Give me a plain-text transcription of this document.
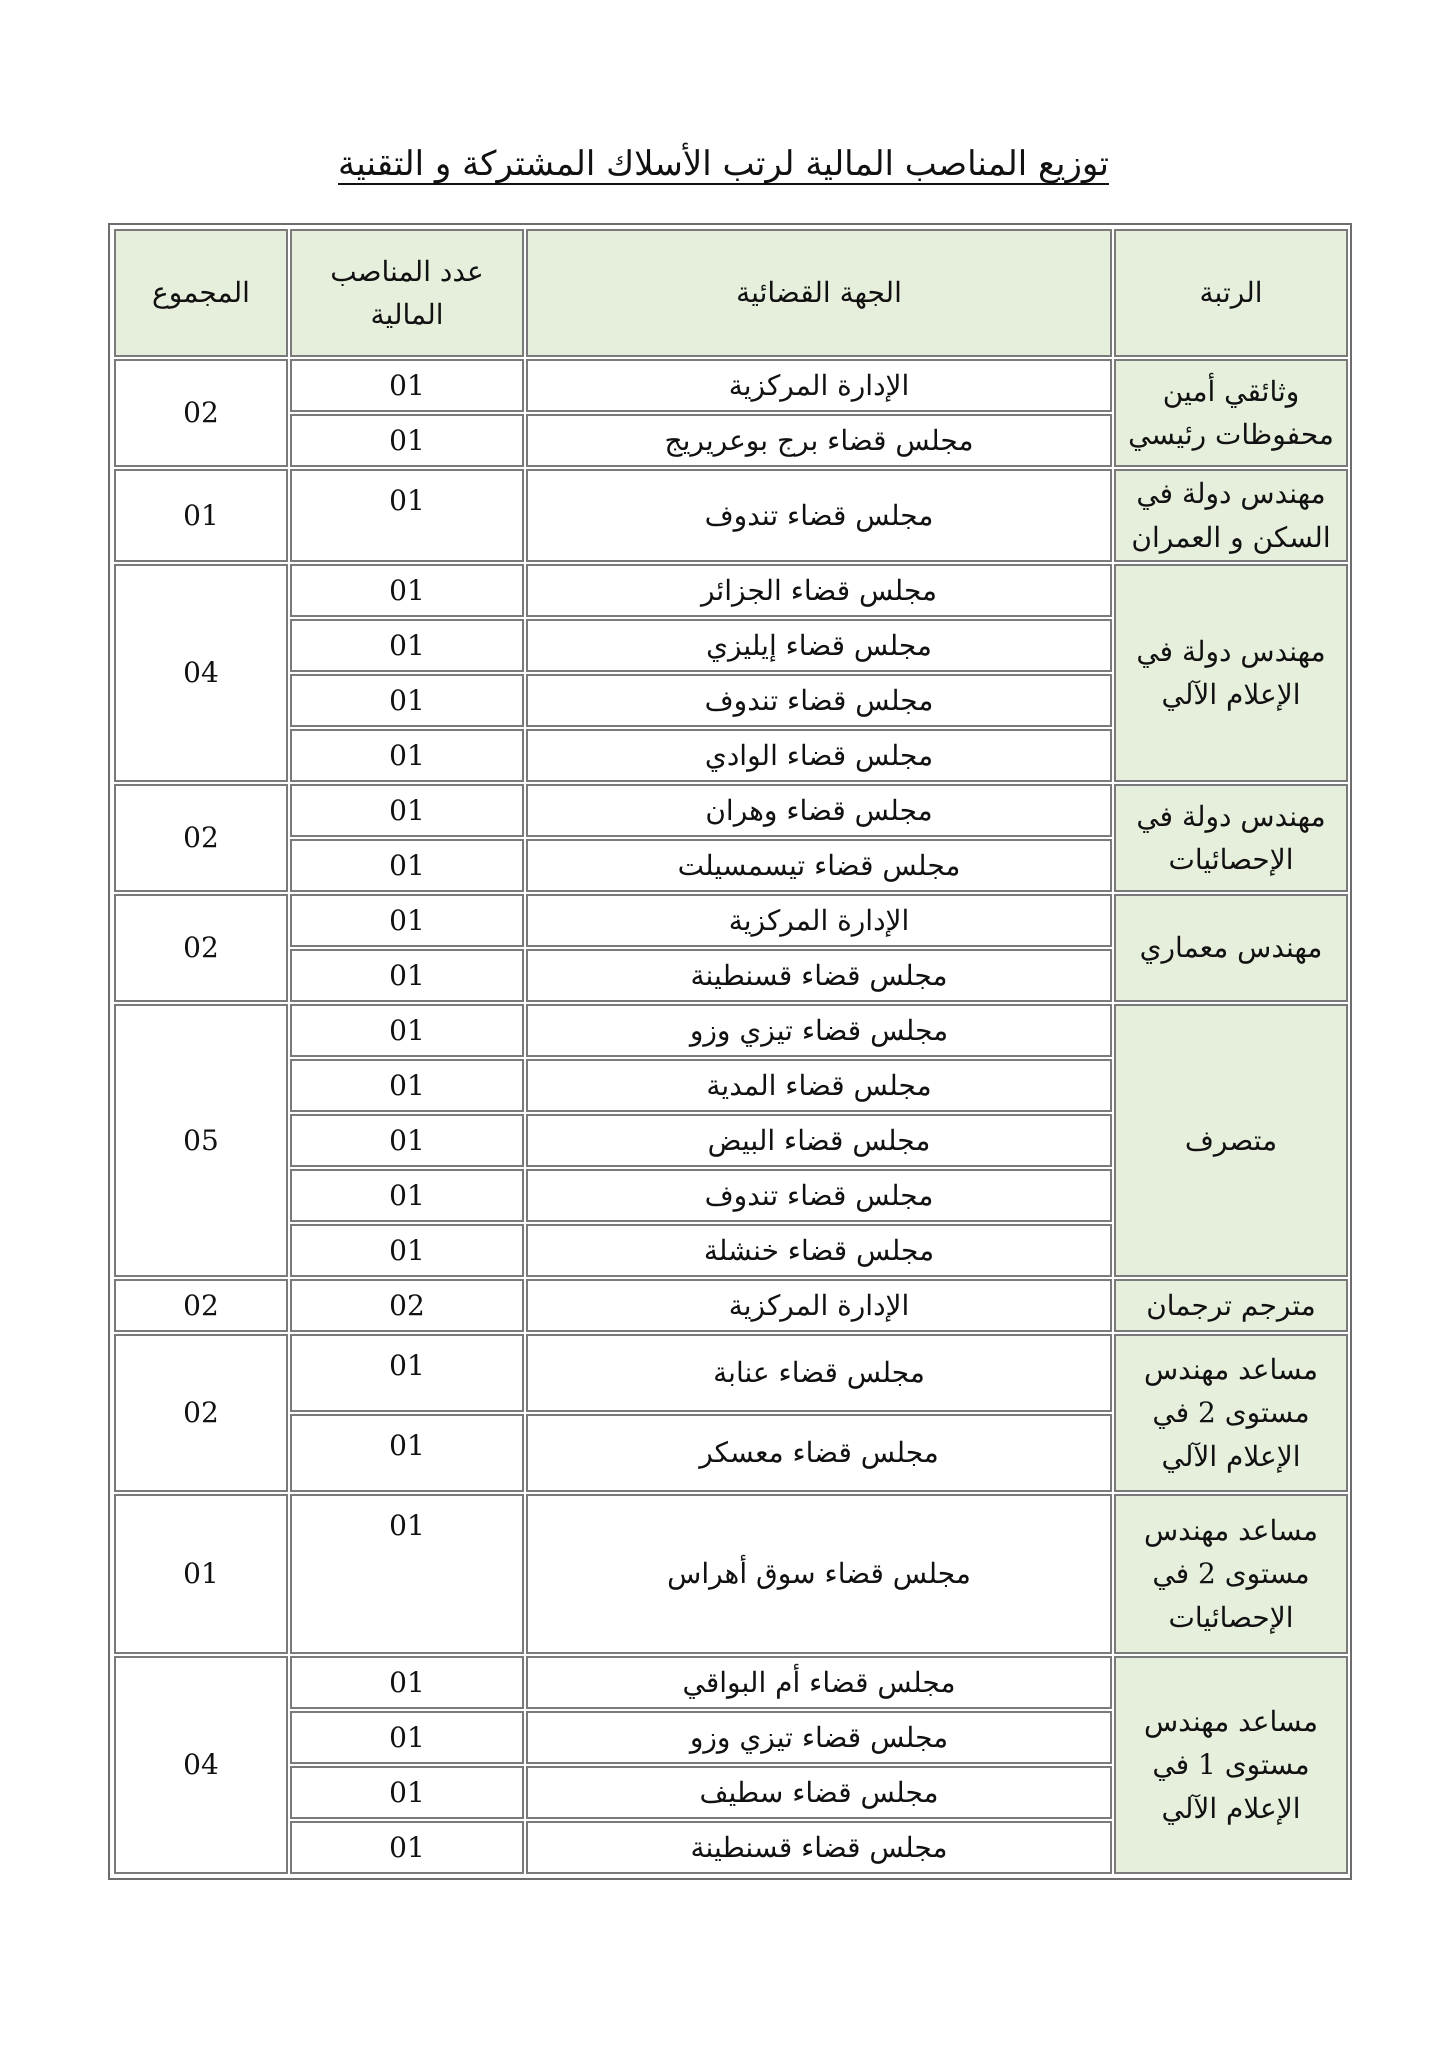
توزيع المناصب المالية لرتب الأسلاك المشتركة و التقنية
الرتبة	الجهة القضائية	عدد المناصب المالية	المجموع
وثائقي أمين محفوظات رئيسي	الإدارة المركزية	01	02
	مجلس قضاء برج بوعريريج	01	
مهندس دولة في السكن و العمران	مجلس قضاء تندوف	01	01
مهندس دولة في الإعلام الآلي	مجلس قضاء الجزائر	01	04
	مجلس قضاء إيليزي	01	
	مجلس قضاء تندوف	01	
	مجلس قضاء الوادي	01	
مهندس دولة في الإحصائيات	مجلس قضاء وهران	01	02
	مجلس قضاء تيسمسيلت	01	
مهندس معماري	الإدارة المركزية	01	02
	مجلس قضاء قسنطينة	01	
متصرف	مجلس قضاء تيزي وزو	01	05
	مجلس قضاء المدية	01	
	مجلس قضاء البيض	01	
	مجلس قضاء تندوف	01	
	مجلس قضاء خنشلة	01	
مترجم ترجمان	الإدارة المركزية	02	02
مساعد مهندس مستوى 2 في الإعلام الآلي	مجلس قضاء عنابة	01	02
	مجلس قضاء معسكر	01	
مساعد مهندس مستوى 2 في الإحصائيات	مجلس قضاء سوق أهراس	01	01
مساعد مهندس مستوى 1 في الإعلام الآلي	مجلس قضاء أم البواقي	01	04
	مجلس قضاء تيزي وزو	01	
	مجلس قضاء سطيف	01	
	مجلس قضاء قسنطينة	01	
